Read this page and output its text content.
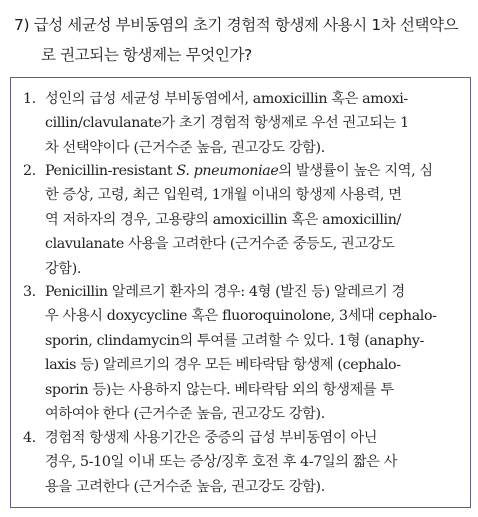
7) 급성 세균성 부비동염의 초기 경험적 항생제 사용시 1차 선택약으
로 권고되는 항생제는 무엇인가?
1. 성인의 급성 세균성 부비동염에서, amoxicillin 혹은 amoxi-
cillin/clavulanate가 초기 경험적 항생제로 우선 권고되는 1
차 선택약이다 (근거수준 높음, 권고강도 강함).
2. Penicillin-resistant S. pneumoniae의 발생률이 높은 지역, 심
한 증상, 고령, 최근 입원력, 1개월 이내의 항생제 사용력, 면
역 저하자의 경우, 고용량의 amoxicillin 혹은 amoxicillin/
clavulanate 사용을 고려한다 (근거수준 중등도, 권고강도
강함).
3. Penicillin 알레르기 환자의 경우: 4형 (발진 등) 알레르기 경
우 사용시 doxycycline 혹은 fluoroquinolone, 3세대 cephalo-
sporin, clindamycin의 투여를 고려할 수 있다. 1형 (anaphy-
laxis 등) 알레르기의 경우 모든 베타락탐 항생제 (cephalo-
sporin 등)는 사용하지 않는다. 베타락탐 외의 항생제를 투
여하여야 한다 (근거수준 높음, 권고강도 강함).
4. 경험적 항생제 사용기간은 중증의 급성 부비동염이 아닌
경우, 5-10일 이내 또는 증상/징후 호전 후 4-7일의 짧은 사
용을 고려한다 (근거수준 높음, 권고강도 강함).
